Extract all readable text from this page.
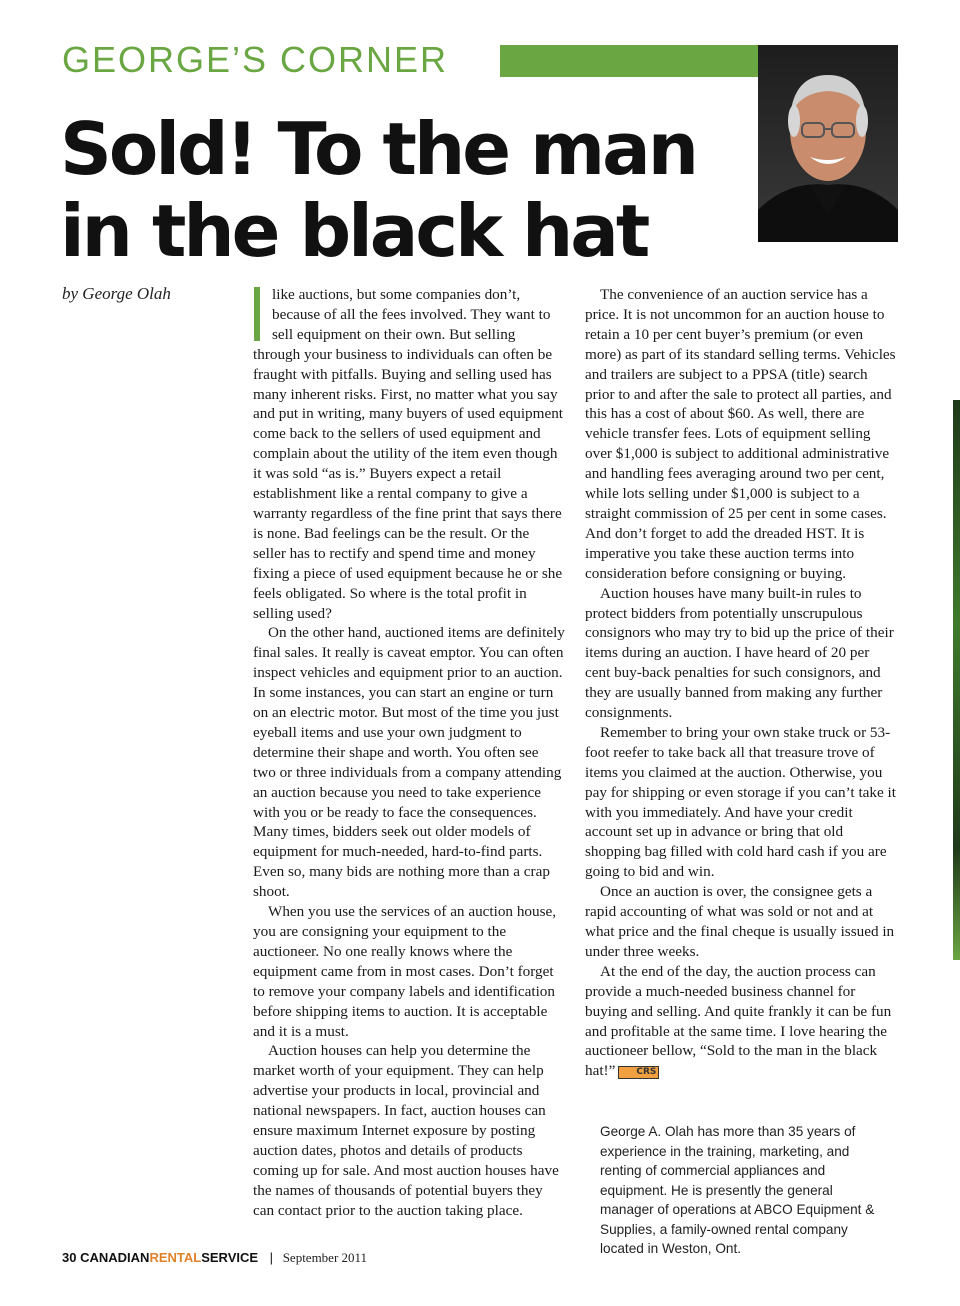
GEORGE’S CORNER
Sold! To the man
in the black hat
by George Olah	like auctions, but some companies don’t, because of all the fees involved. They want to sell equipment on their own. But selling through your business to individuals can often be fraught with pitfalls. Buying and selling used has many inherent risks. First, no matter what you say and put in writing, many buyers of used equipment come back to the sellers of used equipment and complain about the utility of the item even though it was sold “as is.” Buyers expect a retail establishment like a rental company to give a warranty regardless of the fine print that says there is none. Bad feelings can be the result. Or the seller has to rectify and spend time and money fixing a piece of used equipment because he or she feels obligated. So where is the total profit in selling used?

On the other hand, auctioned items are definitely final sales. It really is caveat emptor. You can often inspect vehicles and equipment prior to an auction. In some instances, you can start an engine or turn on an electric motor. But most of the time you just eyeball items and use your own judgment to determine their shape and worth. You often see two or three individuals from a company attending an auction because you need to take experience with you or be ready to face the consequences. Many times, bidders seek out older models of equipment for much-needed, hard-to-find parts. Even so, many bids are nothing more than a crap shoot.

When you use the services of an auction house, you are consigning your equipment to the auctioneer. No one really knows where the equipment came from in most cases. Don’t forget to remove your company labels and identification before shipping items to auction. It is acceptable and it is a must.

Auction houses can help you determine the market worth of your equipment. They can help advertise your products in local, provincial and national newspapers. In fact, auction houses can ensure maximum Internet exposure by posting auction dates, photos and details of products coming up for sale. And most auction houses have the names of thousands of potential buyers they can contact prior to the auction taking place.

The convenience of an auction service has a price. It is not uncommon for an auction house to retain a 10 per cent buyer’s premium (or even more) as part of its standard selling terms. Vehicles and trailers are subject to a PPSA (title) search prior to and after the sale to protect all parties, and this has a cost of about $60. As well, there are vehicle transfer fees. Lots of equipment selling over $1,000 is subject to additional administrative and handling fees averaging around two per cent, while lots selling under $1,000 is subject to a straight commission of 25 per cent in some cases. And don’t forget to add the dreaded HST. It is imperative you take these auction terms into consideration before consigning or buying.

Auction houses have many built-in rules to protect bidders from potentially unscrupulous consignors who may try to bid up the price of their items during an auction. I have heard of 20 per cent buy-back penalties for such consignors, and they are usually banned from making any further consignments.

Remember to bring your own stake truck or 53-foot reefer to take back all that treasure trove of items you claimed at the auction. Otherwise, you pay for shipping or even storage if you can’t take it with you immediately. And have your credit account set up in advance or bring that old shopping bag filled with cold hard cash if you are going to bid and win.

Once an auction is over, the consignee gets a rapid accounting of what was sold or not and at what price and the final cheque is usually issued in under three weeks.

At the end of the day, the auction process can provide a much-needed business channel for buying and selling. And quite frankly it can be fun and profitable at the same time. I love hearing the auctioneer bellow, “Sold to the man in the black hat!” CRS

George A. Olah has more than 35 years of experience in the training, marketing, and renting of commercial appliances and equipment. He is presently the general manager of operations at ABCO Equipment & Supplies, a family-owned rental company located in Weston, Ont.
30 CANADIANRENTALSERVICE | September 2011
